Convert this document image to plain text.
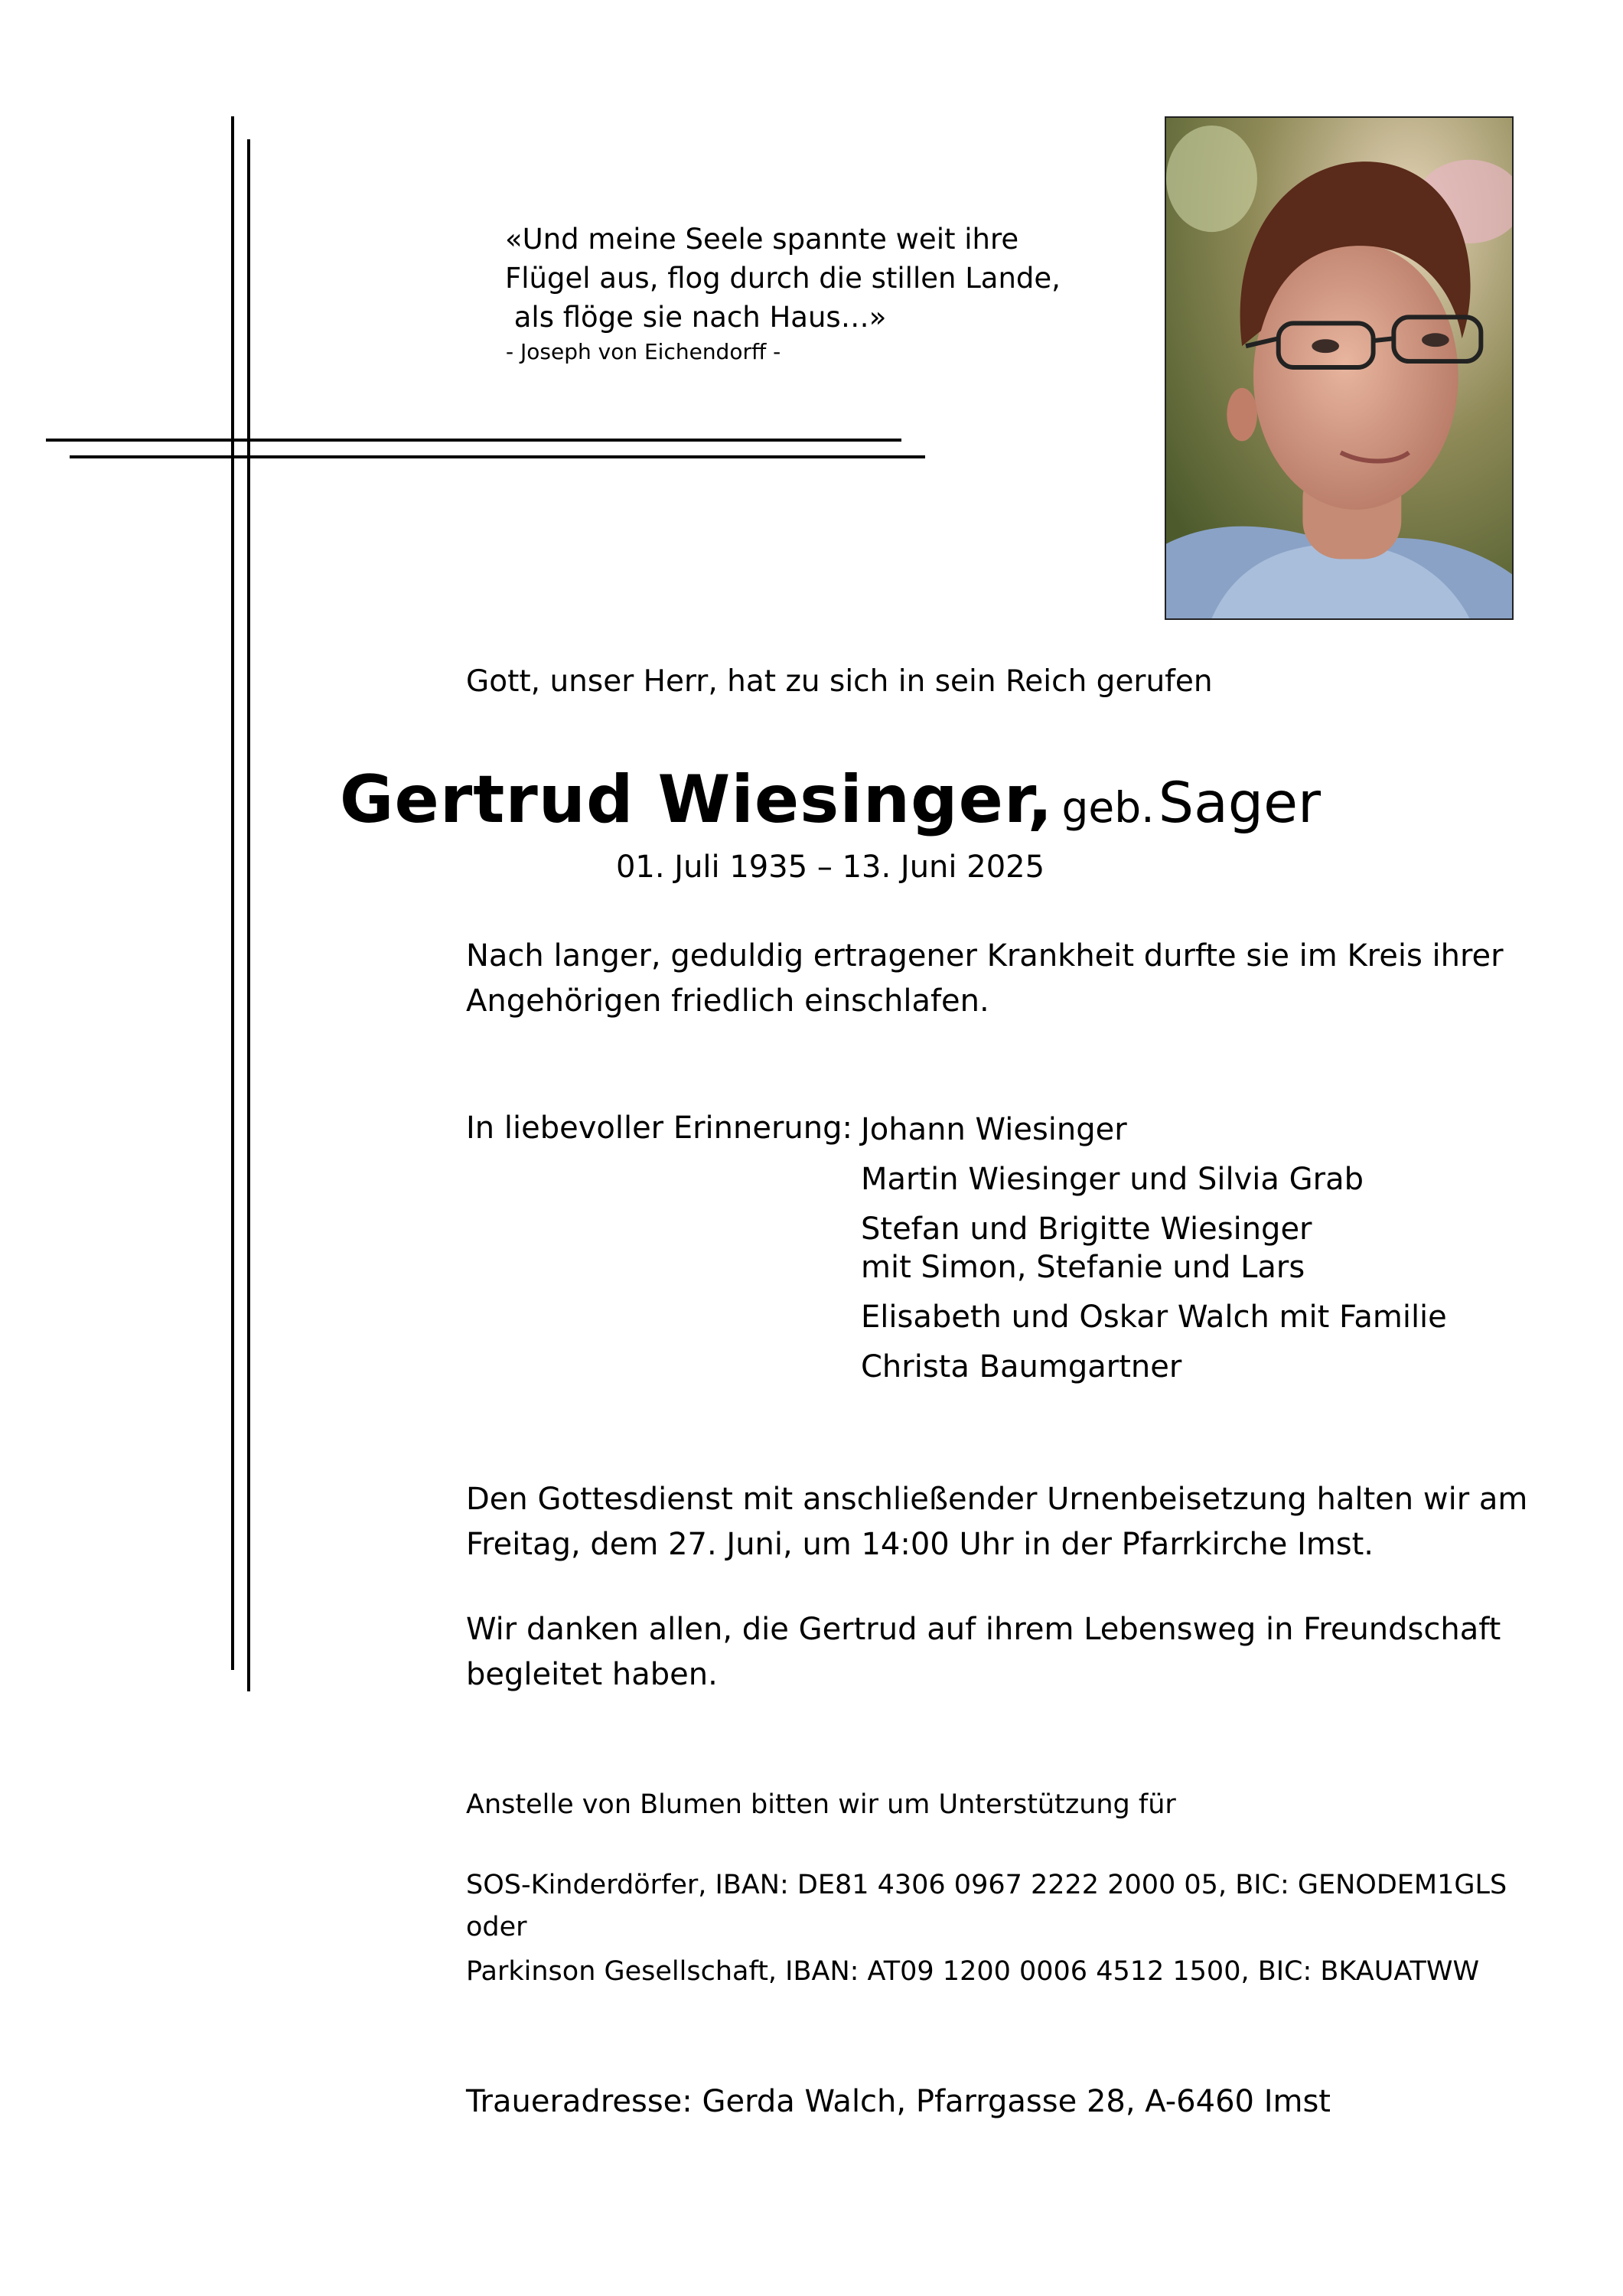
«Und meine Seele spannte weit ihre
Flügel aus, flog durch die stillen Lande,
als flöge sie nach Haus…»
- Joseph von Eichendorff -
Gott, unser Herr, hat zu sich in sein Reich gerufen
Gertrud Wiesinger, geb. Sager
01. Juli 1935 – 13. Juni 2025
Nach langer, geduldig ertragener Krankheit durfte sie im Kreis ihrer
Angehörigen friedlich einschlafen.
In liebevoller Erinnerung: Johann Wiesinger
Martin Wiesinger und Silvia Grab
Stefan und Brigitte Wiesinger
mit Simon, Stefanie und Lars
Elisabeth und Oskar Walch mit Familie
Christa Baumgartner
Den Gottesdienst mit anschließender Urnenbeisetzung halten wir am
Freitag, dem 27. Juni, um 14:00 Uhr in der Pfarrkirche Imst.
Wir danken allen, die Gertrud auf ihrem Lebensweg in Freundschaft
begleitet haben.
Anstelle von Blumen bitten wir um Unterstützung für
SOS-Kinderdörfer, IBAN: DE81 4306 0967 2222 2000 05, BIC: GENODEM1GLS
oder
Parkinson Gesellschaft, IBAN: AT09 1200 0006 4512 1500, BIC: BKAUATWW
Traueradresse: Gerda Walch, Pfarrgasse 28, A-6460 Imst
